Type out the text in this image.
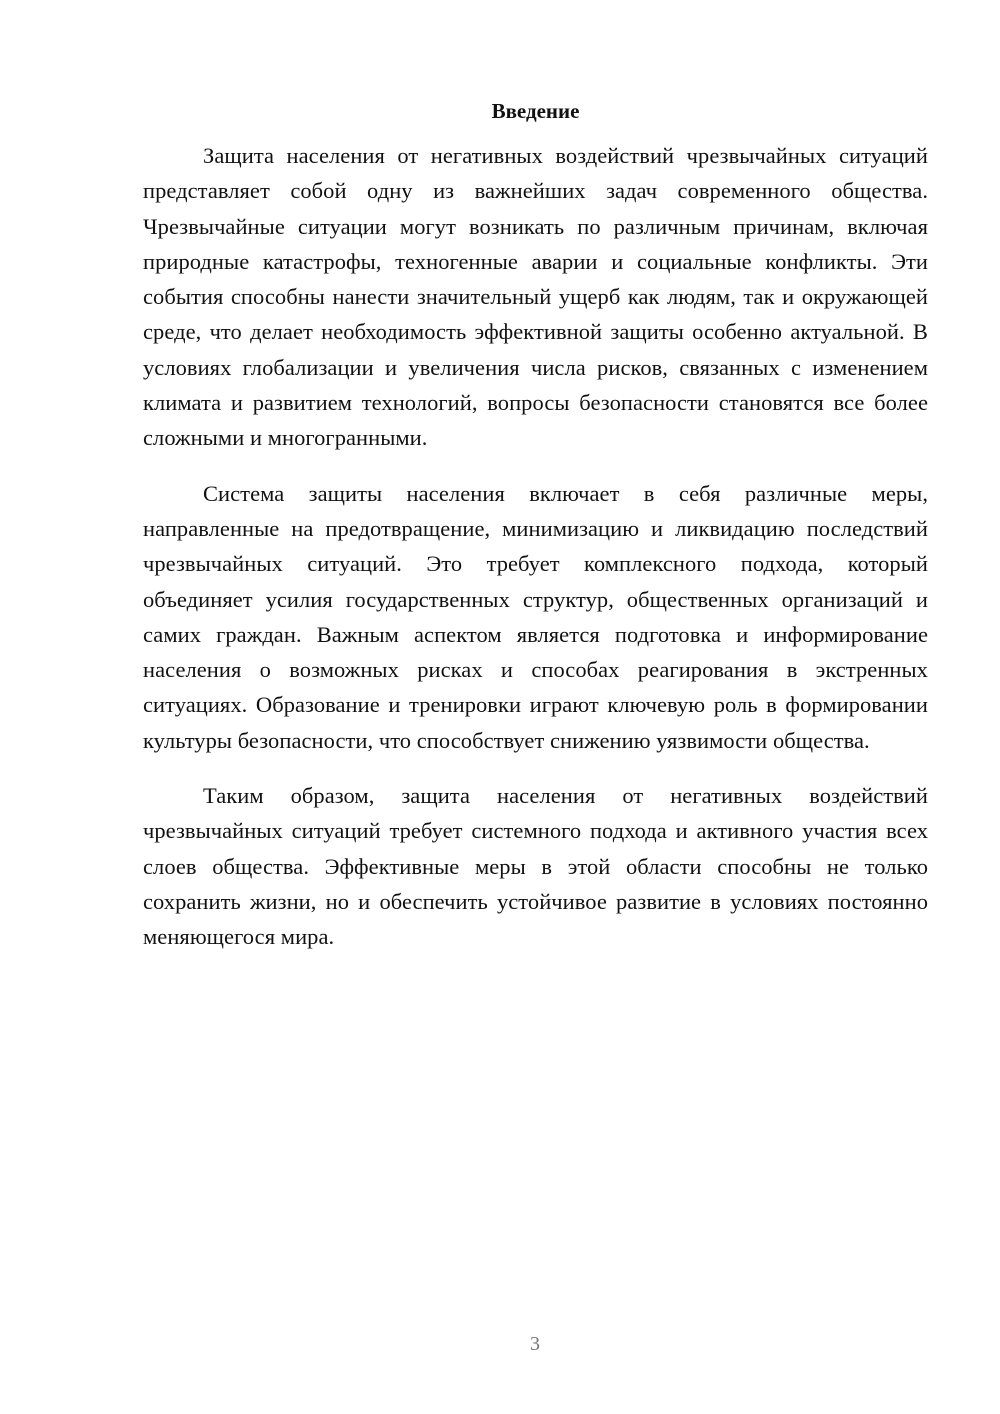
Введение

Защита населения от негативных воздействий чрезвычайных ситуаций представляет собой одну из важнейших задач современного общества. Чрезвычайные ситуации могут возникать по различным причинам, включая природные катастрофы, техногенные аварии и социальные конфликты. Эти события способны нанести значительный ущерб как людям, так и окружающей среде, что делает необходимость эффективной защиты особенно актуальной. В условиях глобализации и увеличения числа рисков, связанных с изменением климата и развитием технологий, вопросы безопасности становятся все более сложными и многогранными.

Система защиты населения включает в себя различные меры, направленные на предотвращение, минимизацию и ликвидацию последствий чрезвычайных ситуаций. Это требует комплексного подхода, который объединяет усилия государственных структур, общественных организаций и самих граждан. Важным аспектом является подготовка и информирование населения о возможных рисках и способах реагирования в экстренных ситуациях. Образование и тренировки играют ключевую роль в формировании культуры безопасности, что способствует снижению уязвимости общества.

Таким образом, защита населения от негативных воздействий чрезвычайных ситуаций требует системного подхода и активного участия всех слоев общества. Эффективные меры в этой области способны не только сохранить жизни, но и обеспечить устойчивое развитие в условиях постоянно меняющегося мира.

3
